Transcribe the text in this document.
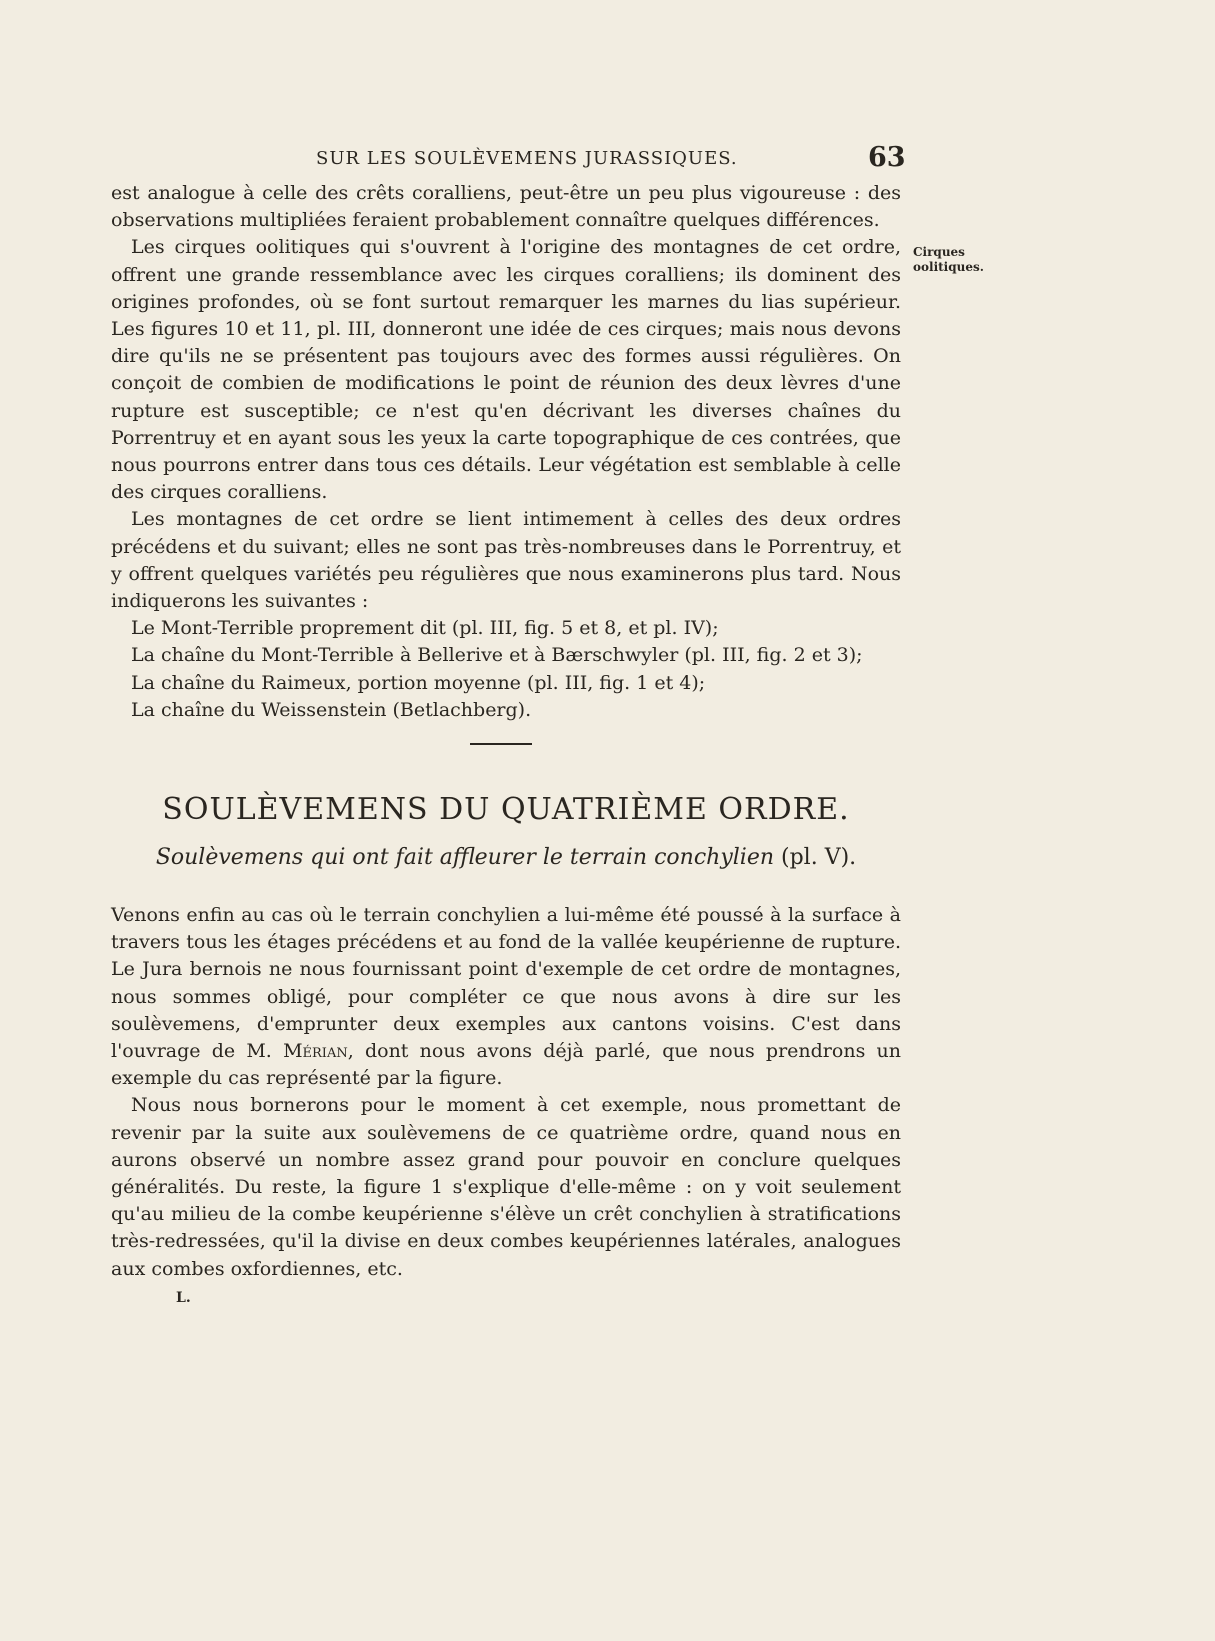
SUR LES SOULÈVEMENS JURASSIQUES.	63

est analogue à celle des crêts coralliens, peut-être un peu plus vigoureuse : des observations multipliées feraient probablement connaître quelques différences.

Les cirques oolitiques qui s'ouvrent à l'origine des montagnes de cet ordre, offrent une grande ressemblance avec les cirques coralliens; ils dominent des origines profondes, où se font surtout remarquer les marnes du lias supérieur. Les figures 10 et 11, pl. III, donneront une idée de ces cirques; mais nous devons dire qu'ils ne se présentent pas toujours avec des formes aussi régulières. On conçoit de combien de modifications le point de réunion des deux lèvres d'une rupture est susceptible; ce n'est qu'en décrivant les diverses chaînes du Porrentruy et en ayant sous les yeux la carte topographique de ces contrées, que nous pourrons entrer dans tous ces détails. Leur végétation est semblable à celle des cirques coralliens.

Les montagnes de cet ordre se lient intimement à celles des deux ordres précédens et du suivant; elles ne sont pas très-nombreuses dans le Porrentruy, et y offrent quelques variétés peu régulières que nous examinerons plus tard. Nous indiquerons les suivantes :

Le Mont-Terrible proprement dit (pl. III, fig. 5 et 8, et pl. IV);
La chaîne du Mont-Terrible à Bellerive et à Bærschwyler (pl. III, fig. 2 et 3);
La chaîne du Raimeux, portion moyenne (pl. III, fig. 1 et 4);
La chaîne du Weissenstein (Betlachberg).
Cirques
oolitiques.
SOULÈVEMENS DU QUATRIÈME ORDRE.
Soulèvemens qui ont fait affleurer le terrain conchylien (pl. V).

Venons enfin au cas où le terrain conchylien a lui-même été poussé à la surface à travers tous les étages précédens et au fond de la vallée keupérienne de rupture. Le Jura bernois ne nous fournissant point d'exemple de cet ordre de montagnes, nous sommes obligé, pour compléter ce que nous avons à dire sur les soulèvemens, d'emprunter deux exemples aux cantons voisins. C'est dans l'ouvrage de M. Mérian, dont nous avons déjà parlé, que nous prendrons un exemple du cas représenté par la figure.

Nous nous bornerons pour le moment à cet exemple, nous promettant de revenir par la suite aux soulèvemens de ce quatrième ordre, quand nous en aurons observé un nombre assez grand pour pouvoir en conclure quelques généralités. Du reste, la figure 1 s'explique d'elle-même : on y voit seulement qu'au milieu de la combe keupérienne s'élève un crêt conchylien à stratifications très-redressées, qu'il la divise en deux combes keupériennes latérales, analogues aux combes oxfordiennes, etc.

L.
